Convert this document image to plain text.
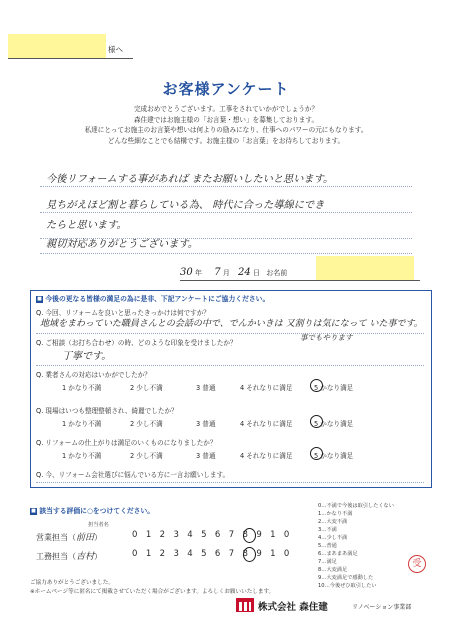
様へ
お客様アンケート
完成おめでとうございます。工事をされていかがでしょうか？
森住建ではお施主様の「お言葉・想い」を募集しております。
私達にとってお施主のお言葉や想いは何よりの励みになり、仕事へのパワーの元にもなります。
どんな些細なことでも結構です。お施主様の「お言葉」をお待ちしております。
今後リフォームする事があれば またお願いしたいと思います。
見ちがえほど割と暮らしている為、 時代に合った導線にでき
たらと思います。
親切対応ありがとうございます。
30 年 7 月 24 日 お名前
■ 今後の更なる皆様の満足の為に是非、下記アンケートにご協力ください。
Q. 今回、リフォームを良いと思ったきっかけは何ですか？
地域をまわっていた職員さんとの会話の中で、でんかいきは 又割りは気になって いた事です。
Q. ご相談（お打ち合わせ）の時、どのような印象を受けましたか？
事でもやります
丁寧です。
Q. 業者さんの対応はいかがでしたか？
1 かなり不満	2 少し不満	3 普通	4 それなりに満足	5 かなり満足
Q. 現場はいつも整理整頓され、綺麗でしたか？
1 かなり不満	2 少し不満	3 普通	4 それなりに満足	5 かなり満足
Q. リフォームの仕上がりは満足のいくものになりましたか？
1 かなり不満	2 少し不満	3 普通	4 それなりに満足	5 かなり満足
Q. 今、リフォーム会社選びに悩んでいる方に一言お願いします。
■ 該当する評価に○をつけてください。
担当者名
営業担当（前田）	012345678910
工務担当（吉村）	012345678910
0…不満で今後は取引したくない
1…かなり不満
2…大変不満
3…不満
4…少し不満
5…普通
6…まあまあ満足
7…満足
8…大変満足
9…大変満足で感動した
10…今後ぜひ取引したい
受
ご協力ありがとうございました。
※ホームページ等に匿名にて掲載させていただく場合がございます。よろしくお願いいたします。
株式会社 森住建	リノベーション事業部
